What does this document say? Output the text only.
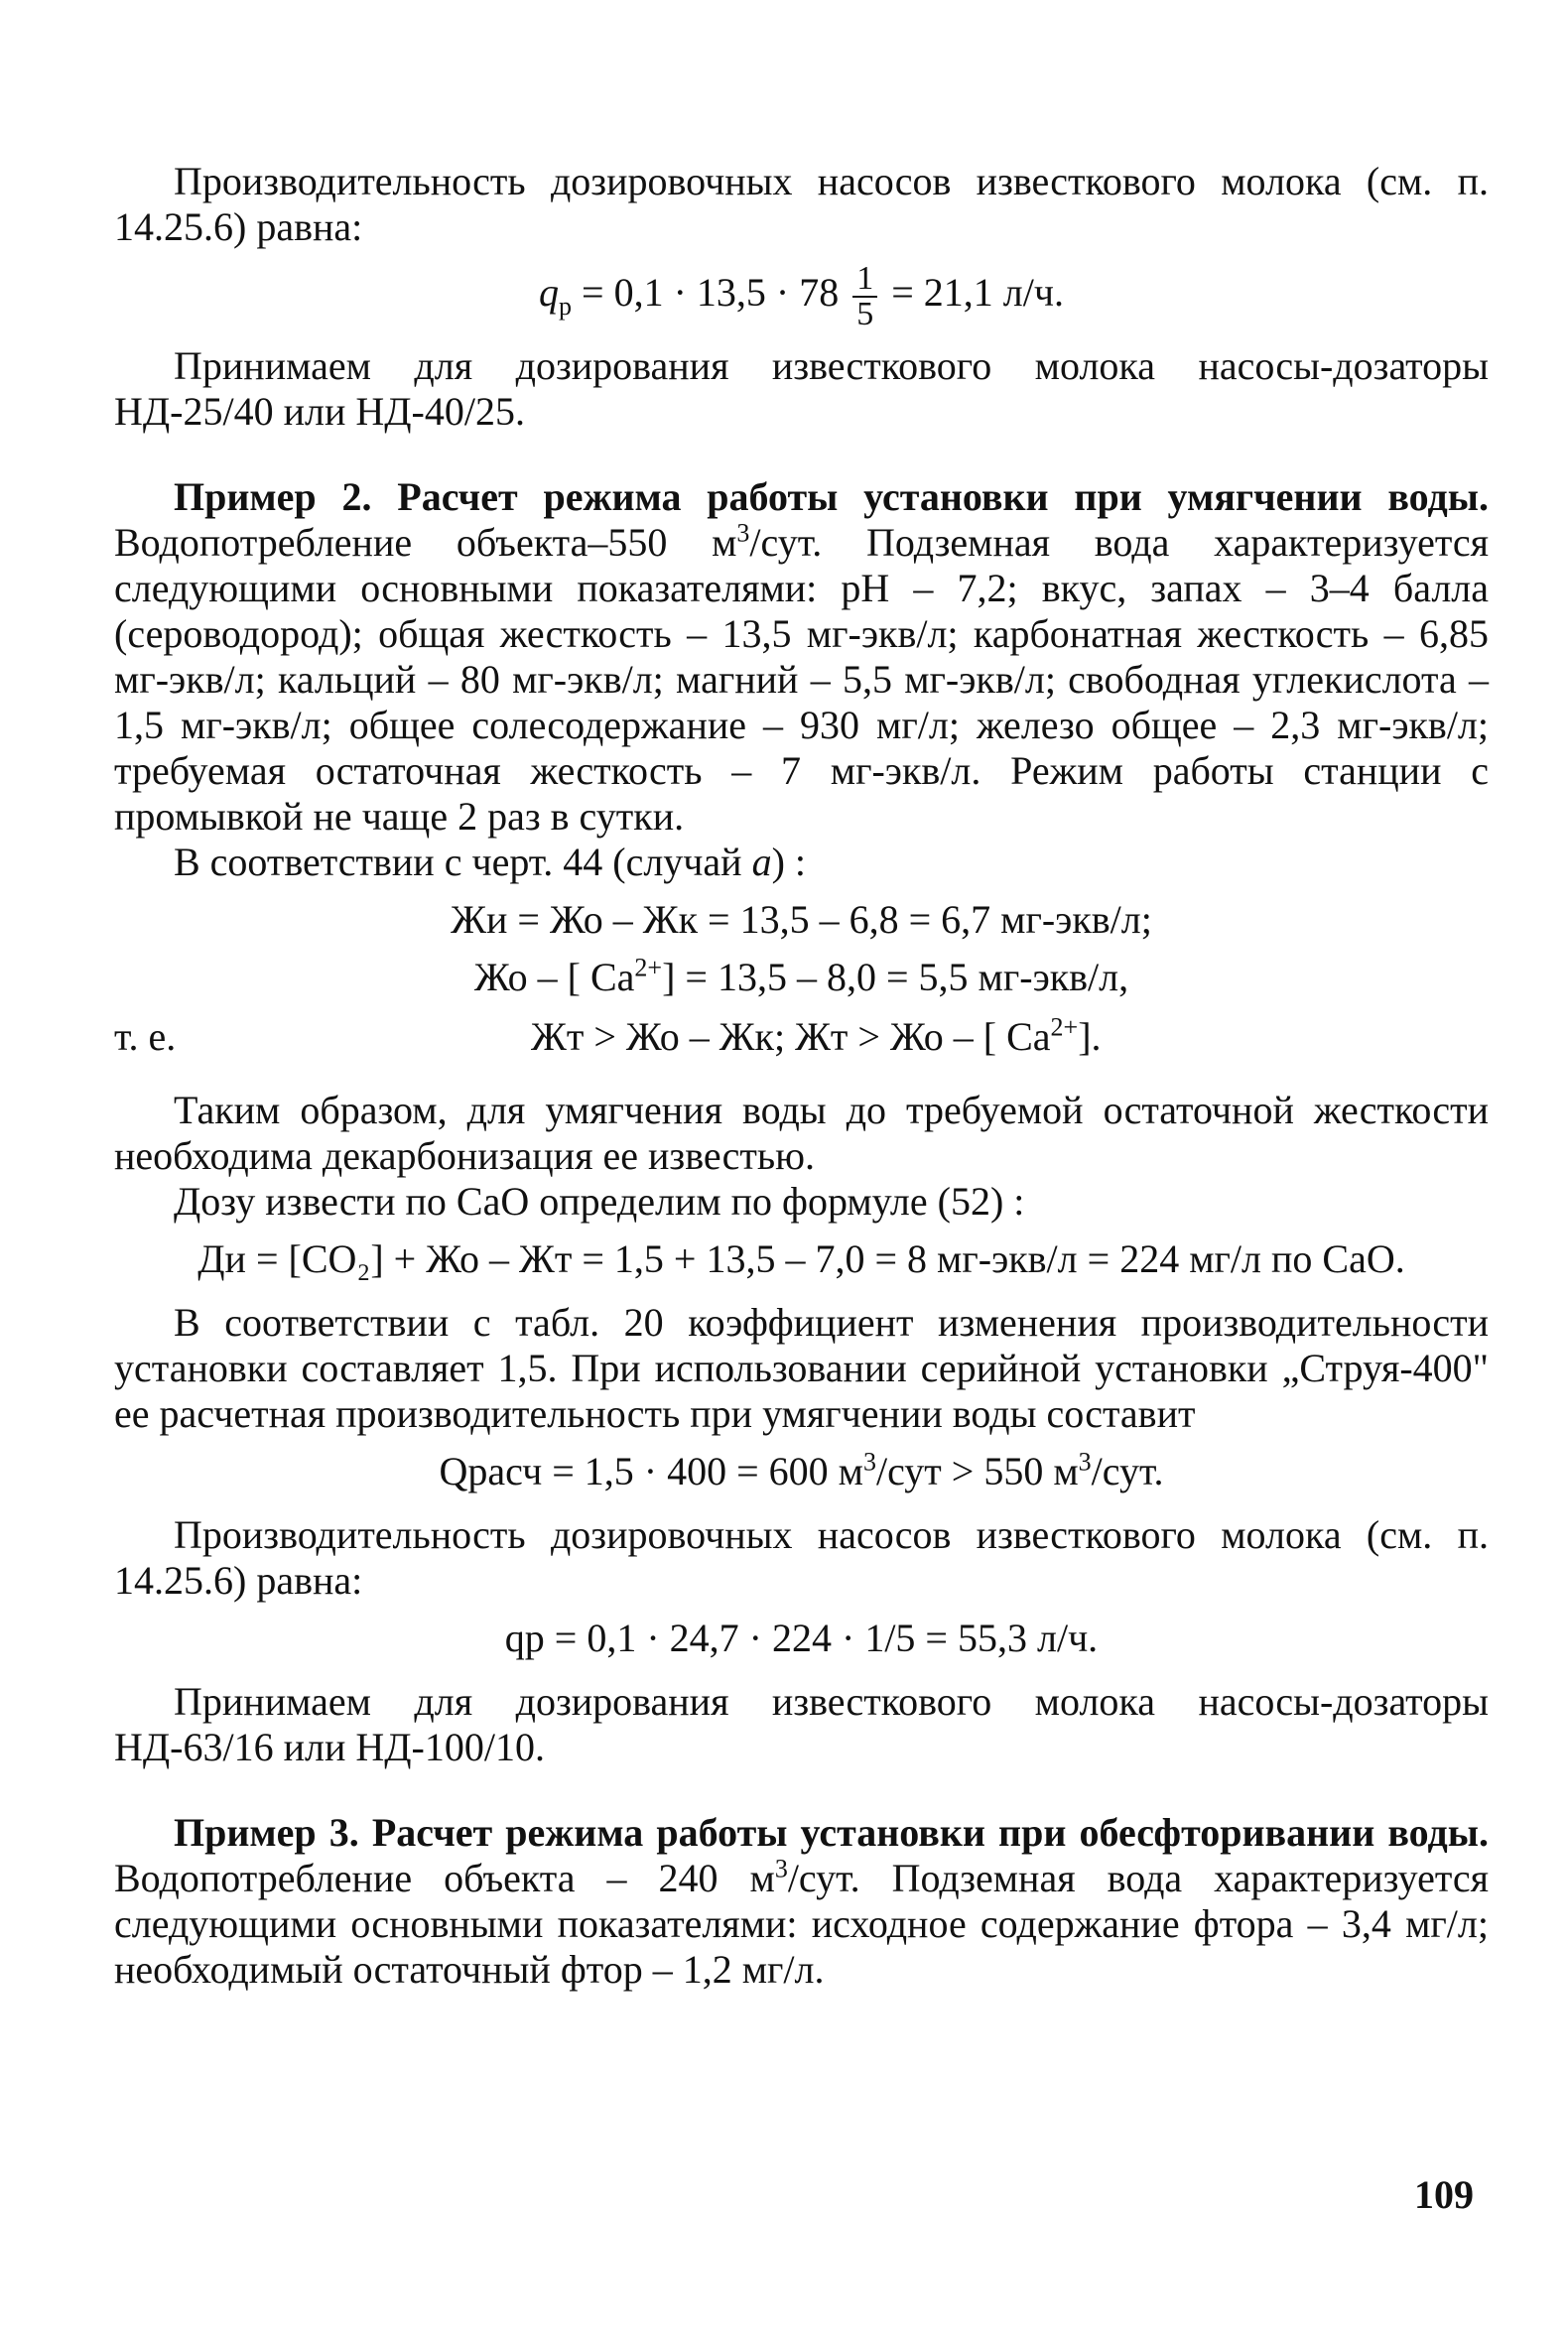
Производительность дозировочных насосов известкового молока (см. п. 14.25.6) равна:

$q_р = 0,1 \cdot 13,5 \cdot 78 \frac{1}{5} = 21,1$ л/ч.

Принимаем для дозирования известкового молока насосы-дозаторы НД-25/40 или НД-40/25.

Пример 2. Расчет режима работы установки при умягчении воды. Водопотребление объекта–550 $м^3$/сут. Подземная вода характеризуется следующими основными показателями: рН – 7,2; вкус, запах – 3–4 балла (сероводород); общая жесткость – 13,5 мг-экв/л; карбонатная жесткость – 6,85 мг-экв/л; кальций – 80 мг-экв/л; магний – 5,5 мг-экв/л; свободная углекислота – 1,5 мг-экв/л; общее солесодержание – 930 мг/л; железо общее – 2,3 мг-экв/л; требуемая остаточная жесткость – 7 мг-экв/л. Режим работы станции с промывкой не чаще 2 раз в сутки.

В соответствии с черт. 44 (случай а) :

Жи = Жо – Жк = 13,5 – 6,8 = 6,7 мг-экв/л;
Жо – [ $Ca^{2+}] = 13,5 - 8,0 = 5,5$ мг-экв/л,
т. е.	Жт > Жо – Жк; Жт > Жо – [ $Ca^{2+}$].

Таким образом, для умягчения воды до требуемой остаточной жесткости необходима декарбонизация ее известью.

Дозу извести по CaO определим по формуле (52) :

Ди = [CO₂] + Жо – Жт = 1,5 + 13,5 – 7,0 = 8 мг-экв/л = 224 мг/л по CaO.

В соответствии с табл. 20 коэффициент изменения производительности установки составляет 1,5. При использовании серийной установки „Струя-400" ее расчетная производительность при умягчении воды составит

Qрасч = 1,5 · 400 = 600 $м^3$/сут > 550 $м^3$/сут.

Производительность дозировочных насосов известкового молока (см. п. 14.25.6) равна:

qр = 0,1 · 24,7 · 224 · 1/5 = 55,3 л/ч.

Принимаем для дозирования известкового молока насосы-дозаторы НД-63/16 или НД-100/10.

Пример 3. Расчет режима работы установки при обесфторивании воды. Водопотребление объекта – 240 $м^3$/сут. Подземная вода характеризуется следующими основными показателями: исходное содержание фтора – 3,4 мг/л; необходимый остаточный фтор – 1,2 мг/л.

109
